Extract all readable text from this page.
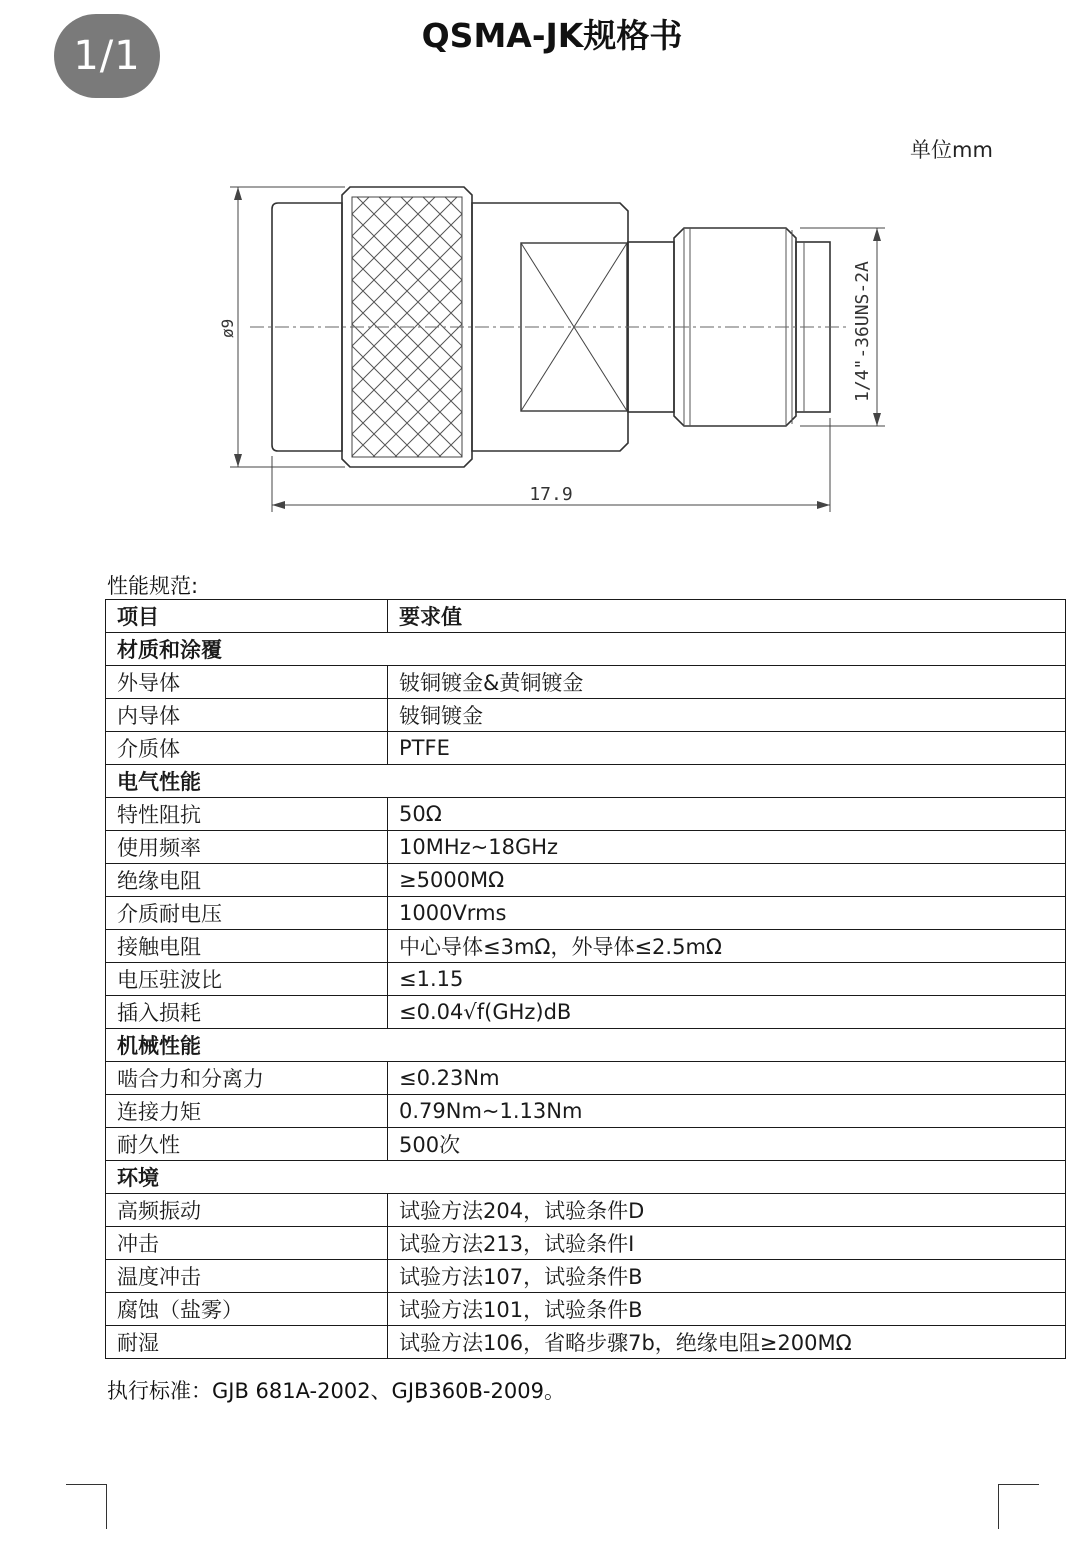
1/1	QSMA-JK规格书
单位mm
ø9	1/4"-36UNS-2A
17.9
性能规范:
项目	要求值
材质和涂覆	
外导体	铍铜镀金&黄铜镀金
内导体	铍铜镀金
介质体	PTFE
电气性能	
特性阻抗	50Ω
使用频率	10MHz~18GHz
绝缘电阻	≥5000MΩ
介质耐电压	1000Vrms
接触电阻	中心导体≤3mΩ，外导体≤2.5mΩ
电压驻波比	≤1.15
插入损耗	≤0.04√f(GHz)dB
机械性能	
啮合力和分离力	≤0.23Nm
连接力矩	0.79Nm~1.13Nm
耐久性	500次
环境	
高频振动	试验方法204，试验条件D
冲击	试验方法213，试验条件I
温度冲击	试验方法107，试验条件B
腐蚀（盐雾）	试验方法101，试验条件B
耐湿	试验方法106，省略步骤7b，绝缘电阻≥200MΩ
执行标准：GJB 681A-2002、GJB360B-2009。
